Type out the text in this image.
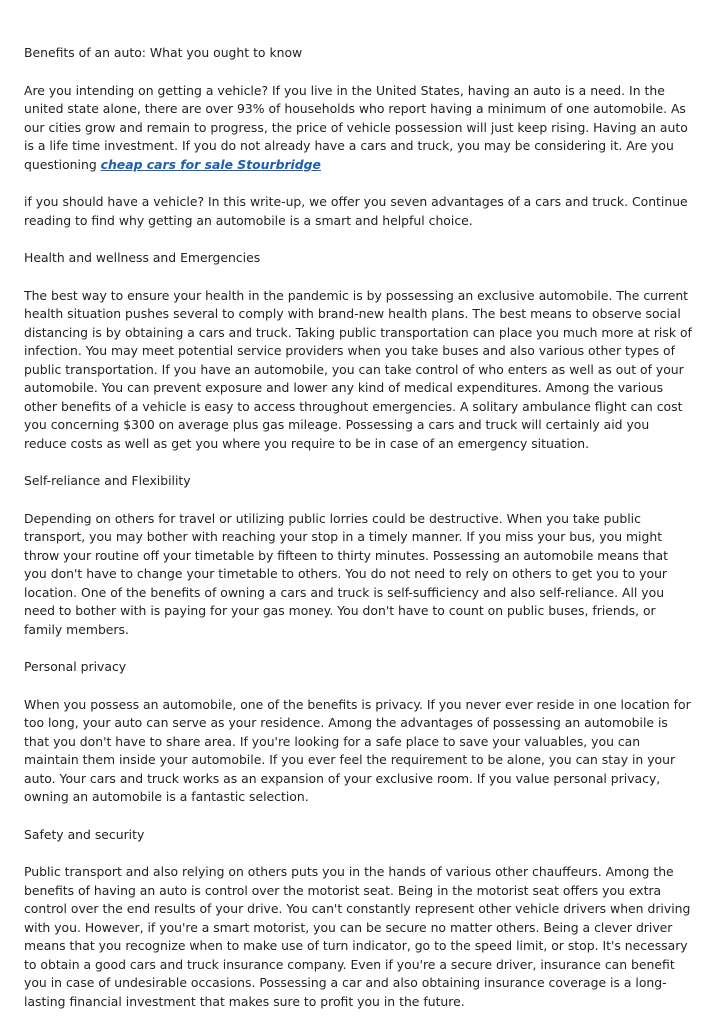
Benefits of an auto: What you ought to know

Are you intending on getting a vehicle? If you live in the United States, having an auto is a need. In the united state alone, there are over 93% of households who report having a minimum of one automobile. As our cities grow and remain to progress, the price of vehicle possession will just keep rising. Having an auto is a life time investment. If you do not already have a cars and truck, you may be considering it. Are you questioning cheap cars for sale Stourbridge

if you should have a vehicle? In this write-up, we offer you seven advantages of a cars and truck. Continue reading to find why getting an automobile is a smart and helpful choice.

Health and wellness and Emergencies

The best way to ensure your health in the pandemic is by possessing an exclusive automobile. The current health situation pushes several to comply with brand-new health plans. The best means to observe social distancing is by obtaining a cars and truck. Taking public transportation can place you much more at risk of infection. You may meet potential service providers when you take buses and also various other types of public transportation. If you have an automobile, you can take control of who enters as well as out of your automobile. You can prevent exposure and lower any kind of medical expenditures. Among the various other benefits of a vehicle is easy to access throughout emergencies. A solitary ambulance flight can cost you concerning $300 on average plus gas mileage. Possessing a cars and truck will certainly aid you reduce costs as well as get you where you require to be in case of an emergency situation.

Self-reliance and Flexibility

Depending on others for travel or utilizing public lorries could be destructive. When you take public transport, you may bother with reaching your stop in a timely manner. If you miss your bus, you might throw your routine off your timetable by fifteen to thirty minutes. Possessing an automobile means that you don't have to change your timetable to others. You do not need to rely on others to get you to your location. One of the benefits of owning a cars and truck is self-sufficiency and also self-reliance. All you need to bother with is paying for your gas money. You don't have to count on public buses, friends, or family members.

Personal privacy

When you possess an automobile, one of the benefits is privacy. If you never ever reside in one location for too long, your auto can serve as your residence. Among the advantages of possessing an automobile is that you don't have to share area. If you're looking for a safe place to save your valuables, you can maintain them inside your automobile. If you ever feel the requirement to be alone, you can stay in your auto. Your cars and truck works as an expansion of your exclusive room. If you value personal privacy, owning an automobile is a fantastic selection.

Safety and security

Public transport and also relying on others puts you in the hands of various other chauffeurs. Among the benefits of having an auto is control over the motorist seat. Being in the motorist seat offers you extra control over the end results of your drive. You can't constantly represent other vehicle drivers when driving with you. However, if you're a smart motorist, you can be secure no matter others. Being a clever driver means that you recognize when to make use of turn indicator, go to the speed limit, or stop. It's necessary to obtain a good cars and truck insurance company. Even if you're a secure driver, insurance can benefit you in case of undesirable occasions. Possessing a car and also obtaining insurance coverage is a long-lasting financial investment that makes sure to profit you in the future.
